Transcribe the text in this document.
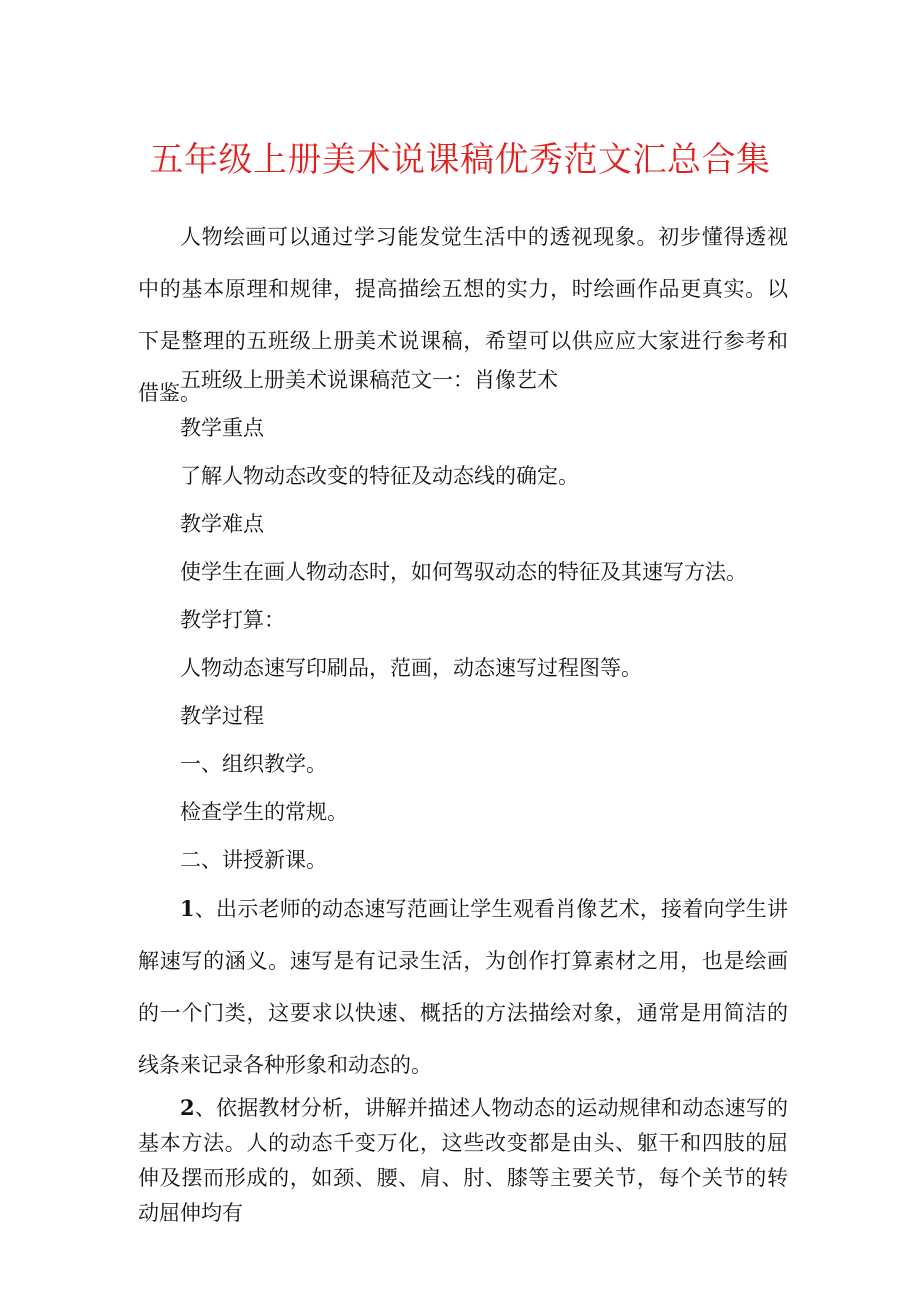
五年级上册美术说课稿优秀范文汇总合集

人物绘画可以通过学习能发觉生活中的透视现象。初步懂得透视中的基本原理和规律，提高描绘五想的实力，时绘画作品更真实。以下是整理的五班级上册美术说课稿，希望可以供应应大家进行参考和借鉴。

五班级上册美术说课稿范文一：肖像艺术

教学重点

了解人物动态改变的特征及动态线的确定。

教学难点

使学生在画人物动态时，如何驾驭动态的特征及其速写方法。

教学打算：

人物动态速写印刷品，范画，动态速写过程图等。

教学过程

一、组织教学。

检查学生的常规。

二、讲授新课。

1、出示老师的动态速写范画让学生观看肖像艺术，接着向学生讲解速写的涵义。速写是有记录生活，为创作打算素材之用，也是绘画的一个门类，这要求以快速、概括的方法描绘对象，通常是用简洁的线条来记录各种形象和动态的。

2、依据教材分析，讲解并描述人物动态的运动规律和动态速写的基本方法。人的动态千变万化，这些改变都是由头、躯干和四肢的屈伸及摆而形成的，如颈、腰、肩、肘、膝等主要关节，每个关节的转动屈伸均有
